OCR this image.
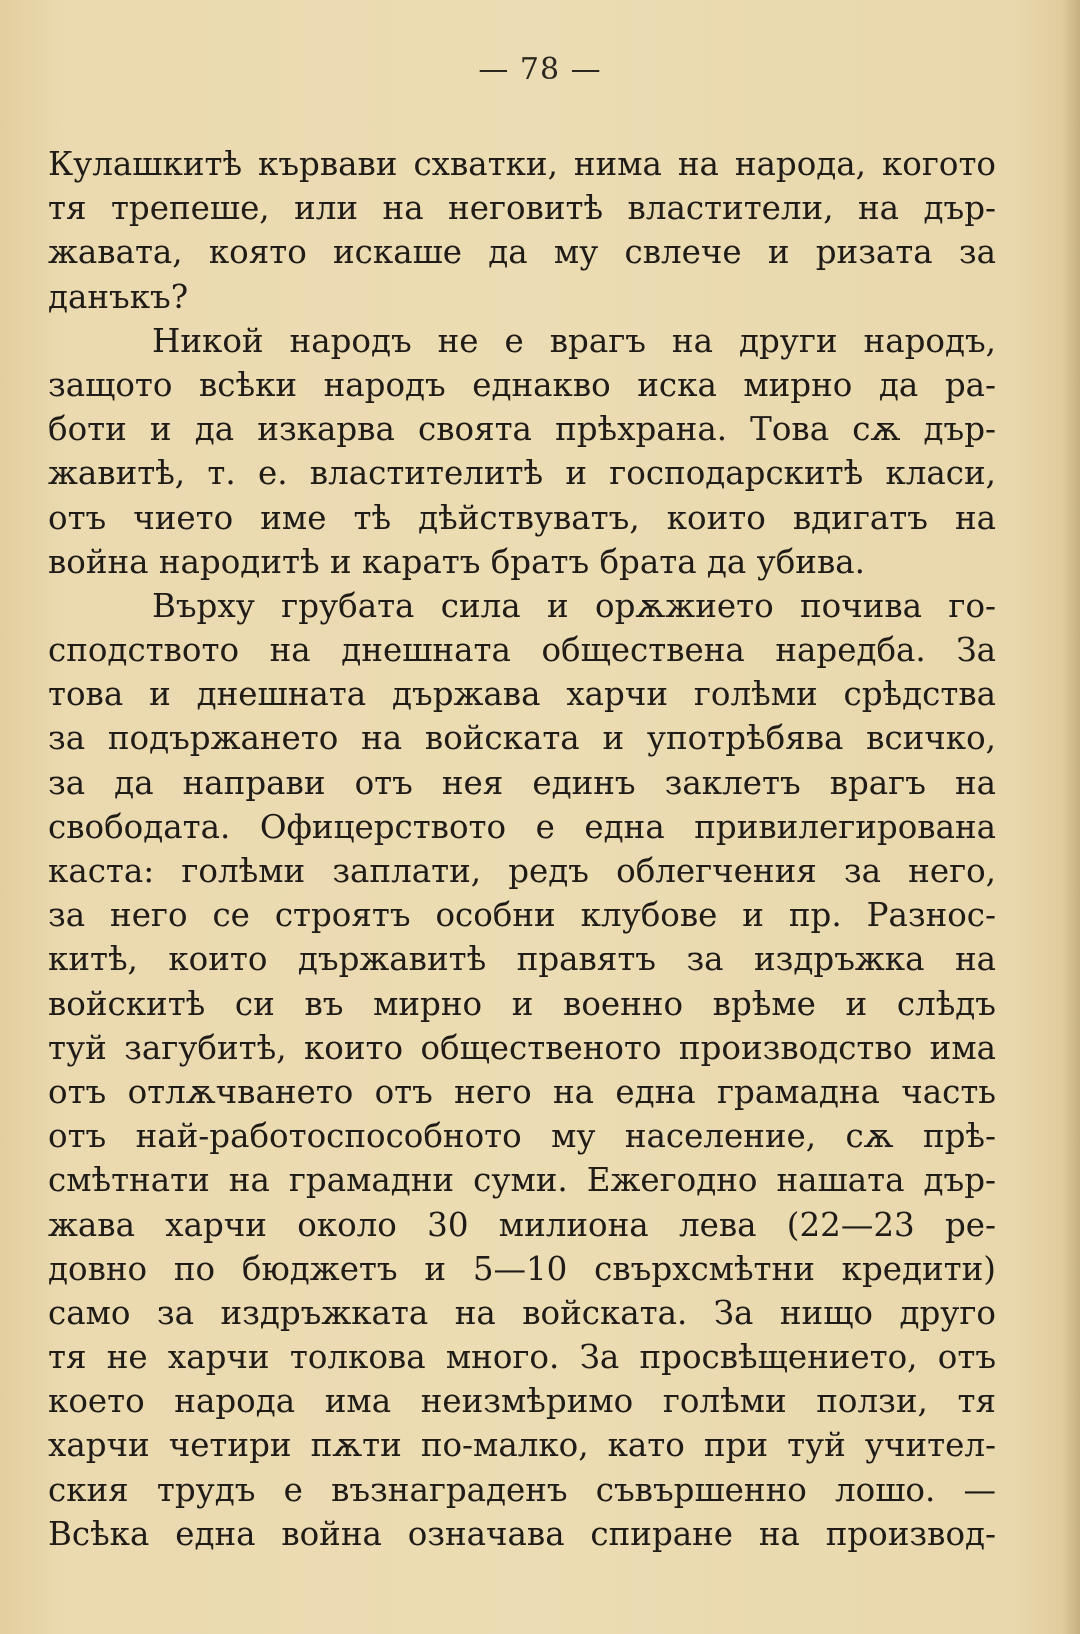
— 78 —
Кулашкитѣ кървави схватки, нима на народа, когото
тя трепеше, или на неговитѣ властители, на дър-
жавата, която искаше да му свлече и ризата за
данъкъ?
Никой народъ не е врагъ на други народъ,
защото всѣки народъ еднакво иска мирно да ра-
боти и да изкарва своята прѣхрана. Това сѫ дър-
жавитѣ, т. е. властителитѣ и господарскитѣ класи,
отъ чието име тѣ дѣйствуватъ, които вдигатъ на
война народитѣ и каратъ братъ брата да убива.
Върху грубата сила и орѫжието почива го-
сподството на днешната обществена наредба. За
това и днешната държава харчи голѣми срѣдства
за подържането на войската и употрѣбява всичко,
за да направи отъ нея единъ заклетъ врагъ на
свободата. Офицерството е една привилегирована
каста: голѣми заплати, редъ облегчения за него,
за него се строятъ особни клубове и пр. Разнос-
китѣ, които държавитѣ правятъ за издръжка на
войскитѣ си въ мирно и военно врѣме и слѣдъ
туй загубитѣ, които общественото производство има
отъ отлѫчването отъ него на една грамадна часть
отъ най-работоспособното му население, сѫ прѣ-
смѣтнати на грамадни суми. Ежегодно нашата дър-
жава харчи около 30 милиона лева (22—23 ре-
довно по бюджетъ и 5—10 свърхсмѣтни кредити)
само за издръжката на войската. За нищо друго
тя не харчи толкова много. За просвѣщението, отъ
което народа има неизмѣримо голѣми ползи, тя
харчи четири пѫти по-малко, като при туй учител-
ския трудъ е възнаграденъ съвършенно лошо. —
Всѣка една война означава спиране на производ-
